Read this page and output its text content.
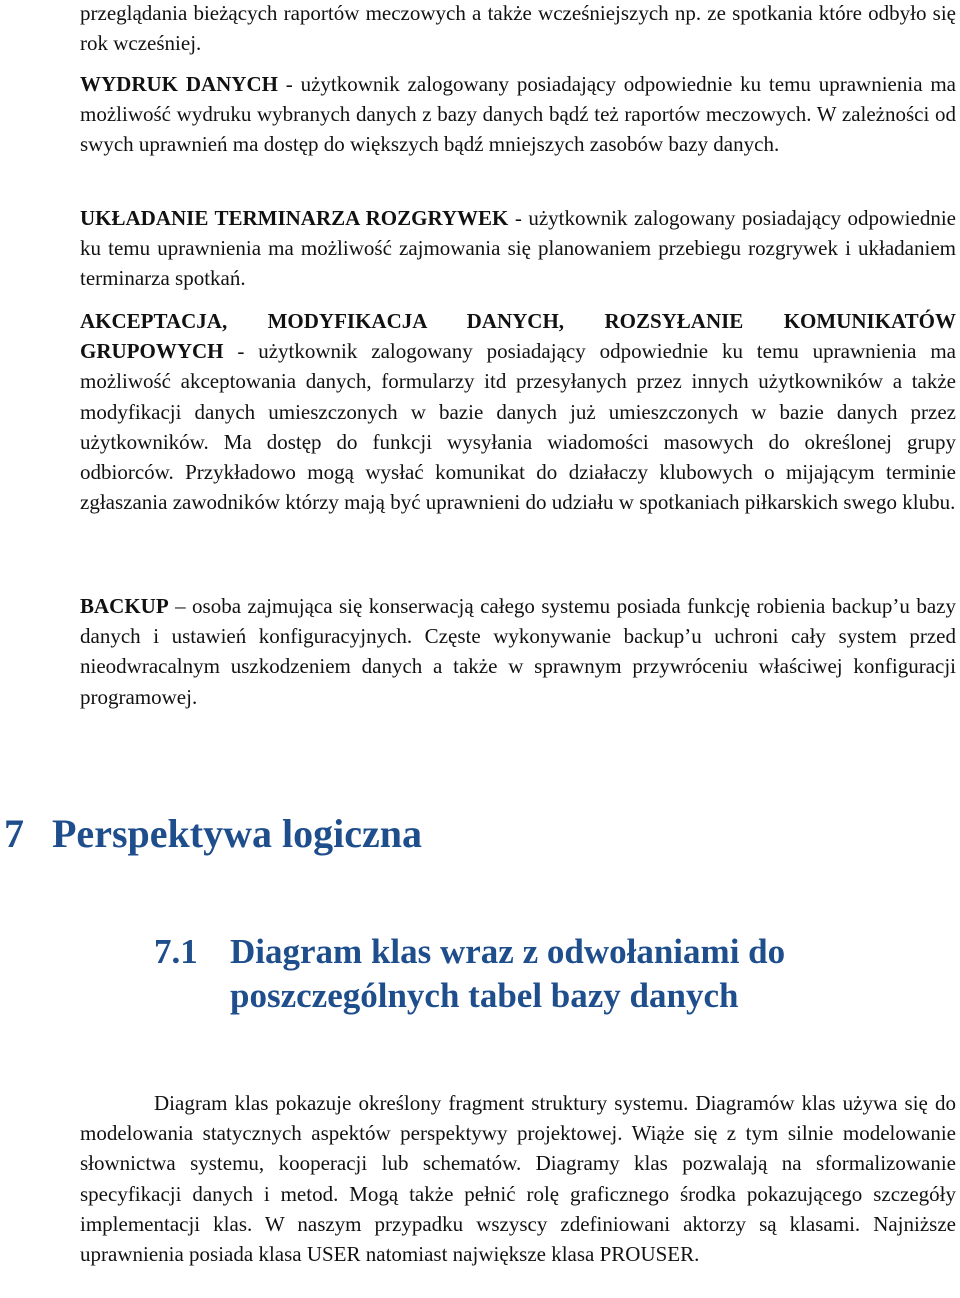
przeglądania bieżących raportów meczowych a także wcześniejszych np. ze spotkania które odbyło się rok wcześniej.

WYDRUK DANYCH - użytkownik zalogowany posiadający odpowiednie ku temu uprawnienia ma możliwość wydruku wybranych danych z bazy danych bądź też raportów meczowych. W zależności od swych uprawnień ma dostęp do większych bądź mniejszych zasobów bazy danych.

UKŁADANIE TERMINARZA ROZGRYWEK - użytkownik zalogowany posiadający odpowiednie ku temu uprawnienia ma możliwość zajmowania się planowaniem przebiegu rozgrywek i układaniem terminarza spotkań.

AKCEPTACJA, MODYFIKACJA DANYCH, ROZSYŁANIE KOMUNIKATÓW GRUPOWYCH - użytkownik zalogowany posiadający odpowiednie ku temu uprawnienia ma możliwość akceptowania danych, formularzy itd przesyłanych przez innych użytkowników a także modyfikacji danych umieszczonych w bazie danych już umieszczonych w bazie danych przez użytkowników. Ma dostęp do funkcji wysyłania wiadomości masowych do określonej grupy odbiorców. Przykładowo mogą wysłać komunikat do działaczy klubowych o mijającym terminie zgłaszania zawodników którzy mają być uprawnieni do udziału w spotkaniach piłkarskich swego klubu.

BACKUP – osoba zajmująca się konserwacją całego systemu posiada funkcję robienia backup’u bazy danych i ustawień konfiguracyjnych. Częste wykonywanie backup’u uchroni cały system przed nieodwracalnym uszkodzeniem danych a także w sprawnym przywróceniu właściwej konfiguracji programowej.

7 Perspektywa logiczna
7.1 Diagram klas wraz z odwołaniami do poszczególnych tabel bazy danych

Diagram klas pokazuje określony fragment struktury systemu. Diagramów klas używa się do modelowania statycznych aspektów perspektywy projektowej. Wiąże się z tym silnie modelowanie słownictwa systemu, kooperacji lub schematów. Diagramy klas pozwalają na sformalizowanie specyfikacji danych i metod. Mogą także pełnić rolę graficznego środka pokazującego szczegóły implementacji klas. W naszym przypadku wszyscy zdefiniowani aktorzy są klasami. Najniższe uprawnienia posiada klasa USER natomiast największe klasa PROUSER.
